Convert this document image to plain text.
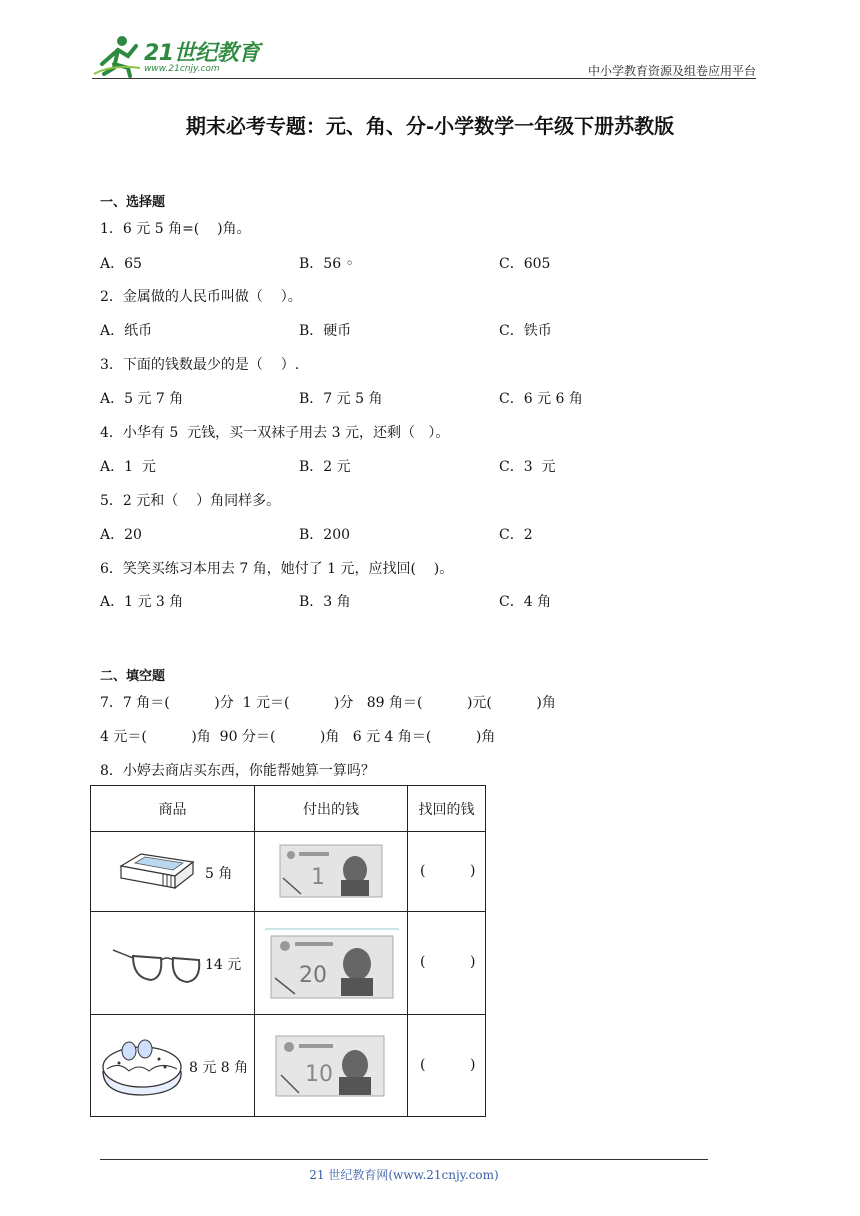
21世纪教育
www.21cnjy.com	中小学教育资源及组卷应用平台
期末必考专题：元、角、分-小学数学一年级下册苏教版
一、选择题
1．6 元 5 角=(    )角。
A．65	B．56 ◦	C．605
2．金属做的人民币叫做（    ）。
A．纸币	B．硬币	C．铁币
3．下面的钱数最少的是（    ）.
A．5 元 7 角	B．7 元 5 角	C．6 元 6 角
4．小华有 5  元钱，买一双袜子用去 3 元，还剩（   ）。
A．1  元	B．2 元	C．3  元
5．2 元和（    ）角同样多。
A．20	B．200	C．2
6．笑笑买练习本用去 7 角，她付了 1 元，应找回(    )。
A．1 元 3 角	B．3 角	C．4 角
二、填空题
7．7 角＝(          )分  1 元＝(          )分   89 角＝(          )元(          )角
4 元＝(          )角  90 分＝(          )角   6 元 4 角＝(          )角
8．小婷去商店买东西，你能帮她算一算吗？
商品	付出的钱	找回的钱

5 角	1	(          )

14 元	20	(          )

8 元 8 角	10	(          )
21 世纪教育网(www.21cnjy.com)
